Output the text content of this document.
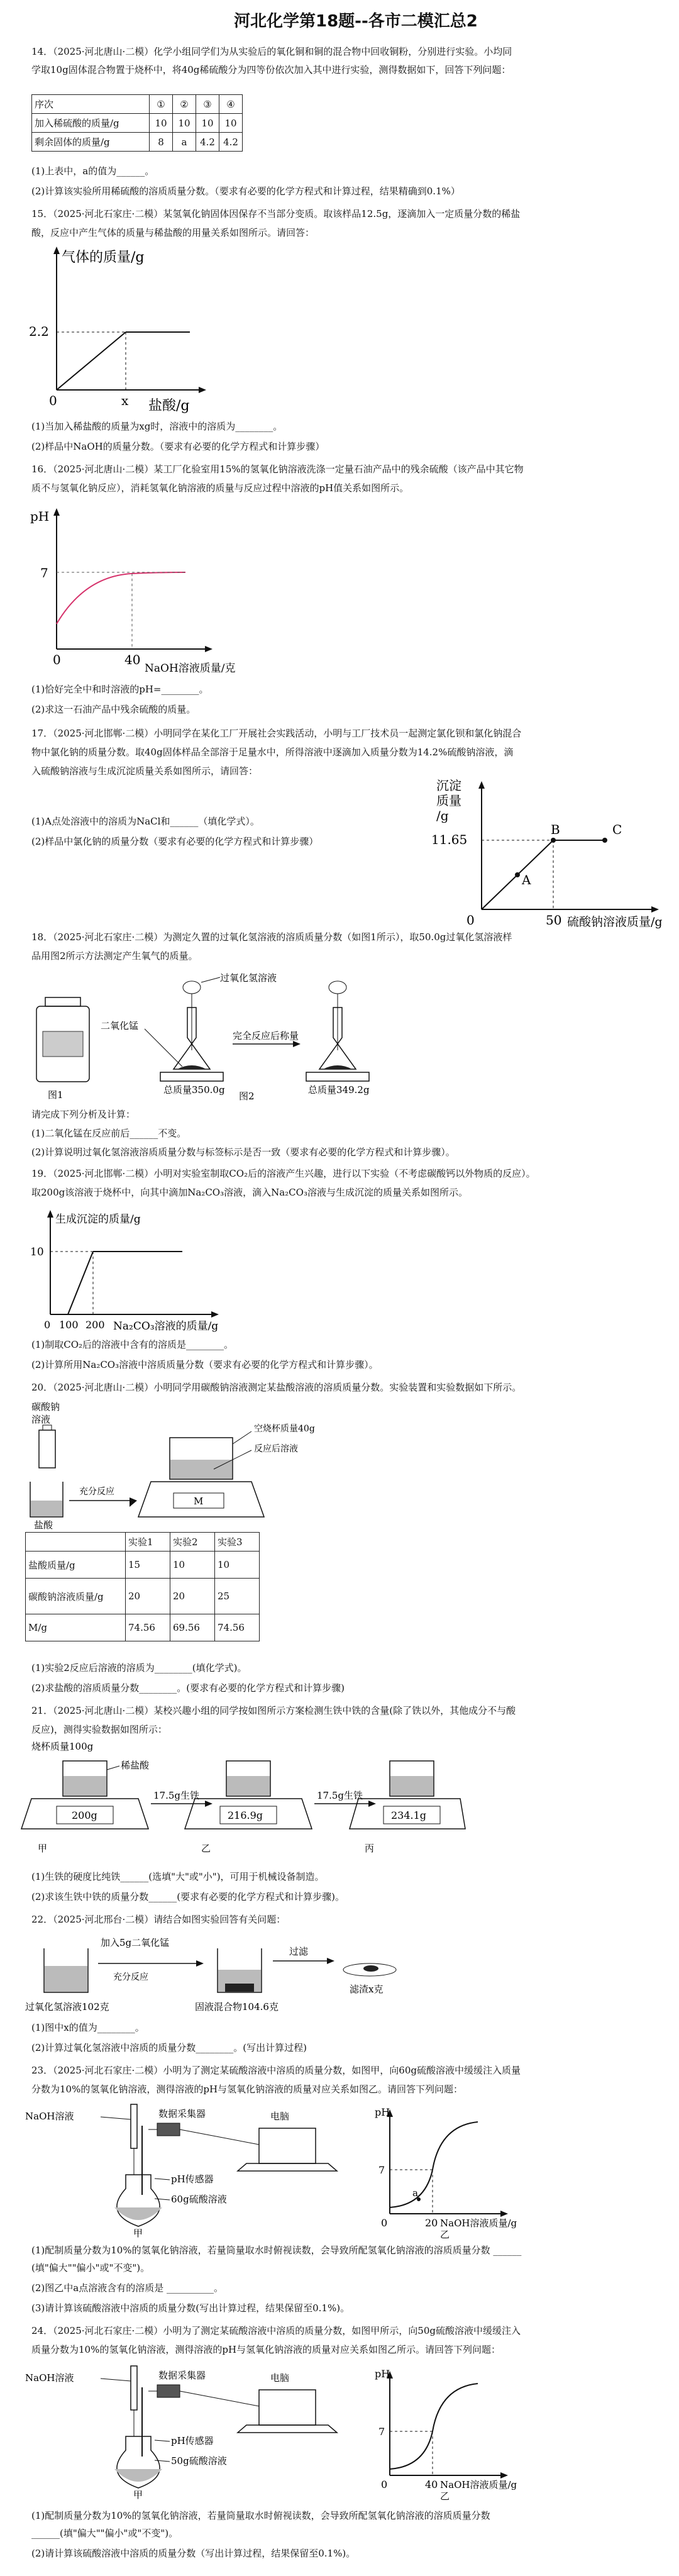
河北化学第18题--各市二模汇总2
14．（2025·河北唐山·二模）化学小组同学们为从实验后的氧化铜和铜的混合物中回收铜粉，分别进行实验。小均同
学取10g固体混合物置于烧杯中，将40g稀硫酸分为四等份依次加入其中进行实验，测得数据如下，回答下列问题：
序次	①	②	③	④
加入稀硫酸的质量/g	10	10	10	10
剩余固体的质量/g	8	a	4.2	4.2
(1)上表中，a的值为______。
(2)计算该实验所用稀硫酸的溶质质量分数。（要求有必要的化学方程式和计算过程，结果精确到0.1%）
15．（2025·河北石家庄·二模）某氢氧化钠固体因保存不当部分变质。取该样品12.5g，逐滴加入一定质量分数的稀盐
酸，反应中产生气体的质量与稀盐酸的用量关系如图所示。请回答：
气体的质量/g
2.2
0	x 盐酸/g
(1)当加入稀盐酸的质量为xg时，溶液中的溶质为________。
(2)样品中NaOH的质量分数。（要求有必要的化学方程式和计算步骤）
16．（2025·河北唐山·二模）某工厂化验室用15%的氢氧化钠溶液洗涤一定量石油产品中的残余硫酸（该产品中其它物
质不与氢氧化钠反应），消耗氢氧化钠溶液的质量与反应过程中溶液的pH值关系如图所示。
pH
7
0	40
NaOH溶液质量/克
(1)恰好完全中和时溶液的pH=________。
(2)求这一石油产品中残余硫酸的质量。
17．（2025·河北邯郸·二模）小明同学在某化工厂开展社会实践活动，小明与工厂技术员一起测定氯化钡和氯化钠混合
物中氯化钠的质量分数。取40g固体样品全部溶于足量水中，所得溶液中逐滴加入质量分数为14.2%硫酸钠溶液，滴
入硫酸钠溶液与生成沉淀质量关系如图所示，请回答：
(1)A点处溶液中的溶质为NaCl和______（填化学式）。
(2)样品中氯化钠的质量分数（要求有必要的化学方程式和计算步骤）
沉淀
质量
/g
11.65
0	50 硫酸钠溶液质量/g
A
B	C
18．（2025·河北石家庄·二模）为测定久置的过氧化氢溶液的溶质质量分数（如图1所示），取50.0g过氧化氢溶液样
品用图2所示方法测定产生氧气的质量。
过氧化氢溶液
二氧化锰
完全反应后称量
总质量350.0g	总质量349.2g
图1	图2
请完成下列分析及计算：
(1)二氧化锰在反应前后______不变。
(2)计算说明过氧化氢溶液溶质质量分数与标签标示是否一致（要求有必要的化学方程式和计算步骤）。
19．（2025·河北邯郸·二模）小明对实验室制取CO₂后的溶液产生兴趣，进行以下实验（不考虑碳酸钙以外物质的反应）。
取200g该溶液于烧杯中，向其中滴加Na₂CO₃溶液，滴入Na₂CO₃溶液与生成沉淀的质量关系如图所示。
生成沉淀的质量/g
10
0 100 200 Na₂CO₃溶液的质量/g
(1)制取CO₂后的溶液中含有的溶质是________。
(2)计算所用Na₂CO₃溶液中溶质质量分数（要求有必要的化学方程式和计算步骤）。
20．（2025·河北唐山·二模）小明同学用碳酸钠溶液测定某盐酸溶液的溶质质量分数。实验装置和实验数据如下所示。
碳酸钠
溶液
充分反应
盐酸
空烧杯质量40g
反应后溶液
M
	实验1	实验2	实验3
盐酸质量/g	15	10	10
碳酸钠溶液质量/g	20	20	25
M/g	74.56	69.56	74.56
(1)实验2反应后溶液的溶质为________(填化学式)。
(2)求盐酸的溶质质量分数________。(要求有必要的化学方程式和计算步骤)
21．（2025·河北唐山·二模）某校兴趣小组的同学按如图所示方案检测生铁中铁的含量(除了铁以外，其他成分不与酸
反应)，测得实验数据如图所示：
烧杯质量100g
稀盐酸
17.5g生铁	17.5g生铁
200g	216.9g	234.1g
甲	乙	丙
(1)生铁的硬度比纯铁______(选填"大"或"小")，可用于机械设备制造。
(2)求该生铁中铁的质量分数______(要求有必要的化学方程式和计算步骤)。
22．（2025·河北邢台·二模）请结合如图实验回答有关问题：
加入5g二氧化锰
充分反应
过滤
过氧化氢溶液102克	固液混合物104.6克
滤渣x克
(1)图中x的值为________。
(2)计算过氧化氢溶液中溶质的质量分数________。(写出计算过程)
23．（2025·河北石家庄·二模）小明为了测定某硫酸溶液中溶质的质量分数，如图甲，向60g硫酸溶液中缓缓注入质量
分数为10%的氢氧化钠溶液，测得溶液的pH与氢氧化钠溶液的质量对应关系如图乙。请回答下列问题：
NaOH溶液	数据采集器	电脑
pH传感器
60g硫酸溶液
甲
pH
7
0	20
a
NaOH溶液质量/g
乙
(1)配制质量分数为10%的氢氧化钠溶液，若量筒量取水时俯视读数，会导致所配氢氧化钠溶液的溶质质量分数 ______
(填"偏大""偏小"或"不变")。
(2)图乙中a点溶液含有的溶质是 __________。
(3)请计算该硫酸溶液中溶质的质量分数(写出计算过程，结果保留至0.1%)。
24．（2025·河北石家庄·二模）小明为了测定某硫酸溶液中溶质的质量分数，如图甲所示，向50g硫酸溶液中缓缓注入
质量分数为10%的氢氧化钠溶液，测得溶液的pH与氢氧化钠溶液的质量对应关系如图乙所示。请回答下列问题：
NaOH溶液	数据采集器	电脑
pH传感器
50g硫酸溶液
甲
pH
7
0	40 NaOH溶液质量/g
乙
(1)配制质量分数为10%的氢氧化钠溶液，若量筒量取水时俯视读数，会导致所配氢氧化钠溶液的溶质质量分数
______(填"偏大""偏小"或"不变")。
(2)请计算该硫酸溶液中溶质的质量分数（写出计算过程，结果保留至0.1%)。
